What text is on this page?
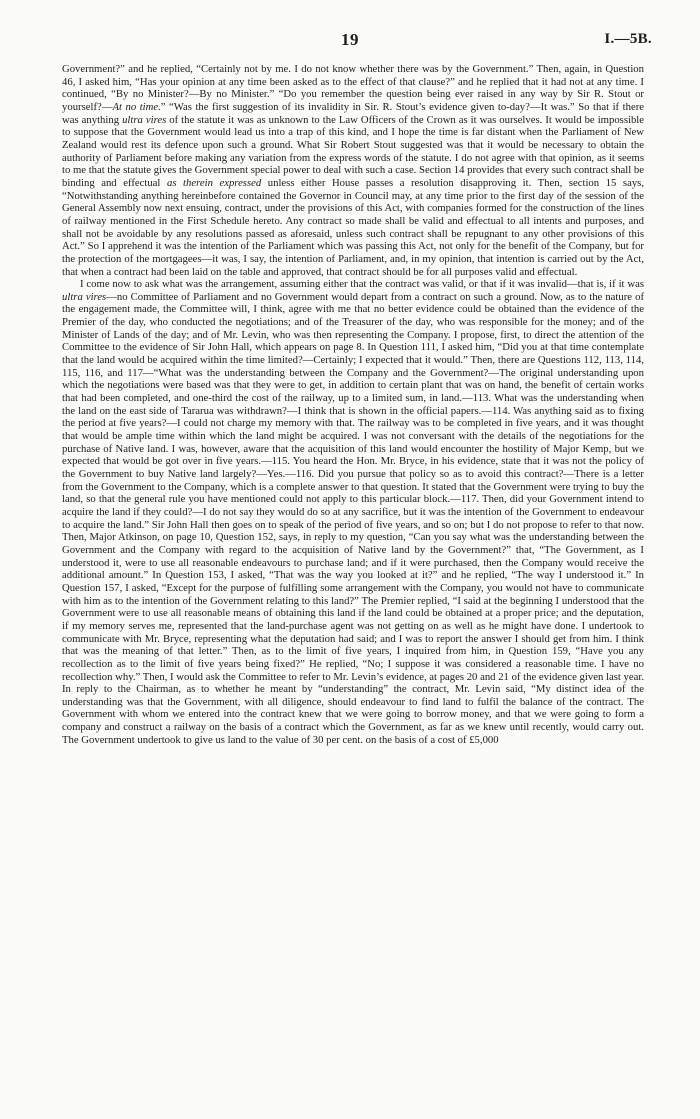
19	I.—5B.

Government?” and he replied, “Certainly not by me. I do not know whether there was by the Government.” Then, again, in Question 46, I asked him, “Has your opinion at any time been asked as to the effect of that clause?” and he replied that it had not at any time. I continued, “By no Minister?—By no Minister.” “Do you remember the question being ever raised in any way by Sir R. Stout or yourself?—At no time.” “Was the first suggestion of its invalidity in Sir. R. Stout’s evidence given to-day?—It was.” So that if there was anything ultra vires of the statute it was as unknown to the Law Officers of the Crown as it was ourselves. It would be impossible to suppose that the Government would lead us into a trap of this kind, and I hope the time is far distant when the Parliament of New Zealand would rest its defence upon such a ground. What Sir Robert Stout suggested was that it would be necessary to obtain the authority of Parliament before making any variation from the express words of the statute. I do not agree with that opinion, as it seems to me that the statute gives the Government special power to deal with such a case. Section 14 provides that every such contract shall be binding and effectual as therein expressed unless either House passes a resolution disapproving it. Then, section 15 says, “Notwithstanding anything hereinbefore contained the Governor in Council may, at any time prior to the first day of the session of the General Assembly now next ensuing, contract, under the provisions of this Act, with companies formed for the construction of the lines of railway mentioned in the First Schedule hereto. Any contract so made shall be valid and effectual to all intents and purposes, and shall not be avoidable by any resolutions passed as aforesaid, unless such contract shall be repugnant to any other provisions of this Act.” So I apprehend it was the intention of the Parliament which was passing this Act, not only for the benefit of the Company, but for the protection of the mortgagees—it was, I say, the intention of Parliament, and, in my opinion, that intention is carried out by the Act, that when a contract had been laid on the table and approved, that contract should be for all purposes valid and effectual.

I come now to ask what was the arrangement, assuming either that the contract was valid, or that if it was invalid—that is, if it was ultra vires—no Committee of Parliament and no Government would depart from a contract on such a ground. Now, as to the nature of the engagement made, the Committee will, I think, agree with me that no better evidence could be obtained than the evidence of the Premier of the day, who conducted the negotiations; and of the Treasurer of the day, who was responsible for the money; and of the Minister of Lands of the day; and of Mr. Levin, who was then representing the Company. I propose, first, to direct the attention of the Committee to the evidence of Sir John Hall, which appears on page 8. In Question 111, I asked him, “Did you at that time contemplate that the land would be acquired within the time limited?—Certainly; I expected that it would.” Then, there are Questions 112, 113, 114, 115, 116, and 117—“What was the understanding between the Company and the Government?—The original understanding upon which the negotiations were based was that they were to get, in addition to certain plant that was on hand, the benefit of certain works that had been completed, and one-third the cost of the railway, up to a limited sum, in land.—113. What was the understanding when the land on the east side of Tararua was withdrawn?—I think that is shown in the official papers.—114. Was anything said as to fixing the period at five years?—I could not charge my memory with that. The railway was to be completed in five years, and it was thought that would be ample time within which the land might be acquired. I was not conversant with the details of the negotiations for the purchase of Native land. I was, however, aware that the acquisition of this land would encounter the hostility of Major Kemp, but we expected that would be got over in five years.—115. You heard the Hon. Mr. Bryce, in his evidence, state that it was not the policy of the Government to buy Native land largely?—Yes.—116. Did you pursue that policy so as to avoid this contract?—There is a letter from the Government to the Company, which is a complete answer to that question. It stated that the Government were trying to buy the land, so that the general rule you have mentioned could not apply to this particular block.—117. Then, did your Government intend to acquire the land if they could?—I do not say they would do so at any sacrifice, but it was the intention of the Government to endeavour to acquire the land.” Sir John Hall then goes on to speak of the period of five years, and so on; but I do not propose to refer to that now. Then, Major Atkinson, on page 10, Question 152, says, in reply to my question, “Can you say what was the understanding between the Government and the Company with regard to the acquisition of Native land by the Government?” that, “The Government, as I understood it, were to use all reasonable endeavours to purchase land; and if it were purchased, then the Company would receive the additional amount.” In Question 153, I asked, “That was the way you looked at it?” and he replied, “The way I understood it.” In Question 157, I asked, “Except for the purpose of fulfilling some arrangement with the Company, you would not have to communicate with him as to the intention of the Government relating to this land?” The Premier replied, “I said at the beginning I understood that the Government were to use all reasonable means of obtaining this land if the land could be obtained at a proper price; and the deputation, if my memory serves me, represented that the land-purchase agent was not getting on as well as he might have done. I undertook to communicate with Mr. Bryce, representing what the deputation had said; and I was to report the answer I should get from him. I think that was the meaning of that letter.” Then, as to the limit of five years, I inquired from him, in Question 159, “Have you any recollection as to the limit of five years being fixed?” He replied, “No; I suppose it was considered a reasonable time. I have no recollection why.” Then, I would ask the Committee to refer to Mr. Levin’s evidence, at pages 20 and 21 of the evidence given last year. In reply to the Chairman, as to whether he meant by “understanding” the contract, Mr. Levin said, “My distinct idea of the understanding was that the Government, with all diligence, should endeavour to find land to fulfil the balance of the contract. The Government with whom we entered into the contract knew that we were going to borrow money, and that we were going to form a company and construct a railway on the basis of a contract which the Government, as far as we knew until recently, would carry out. The Government undertook to give us land to the value of 30 per cent. on the basis of a cost of £5,000
